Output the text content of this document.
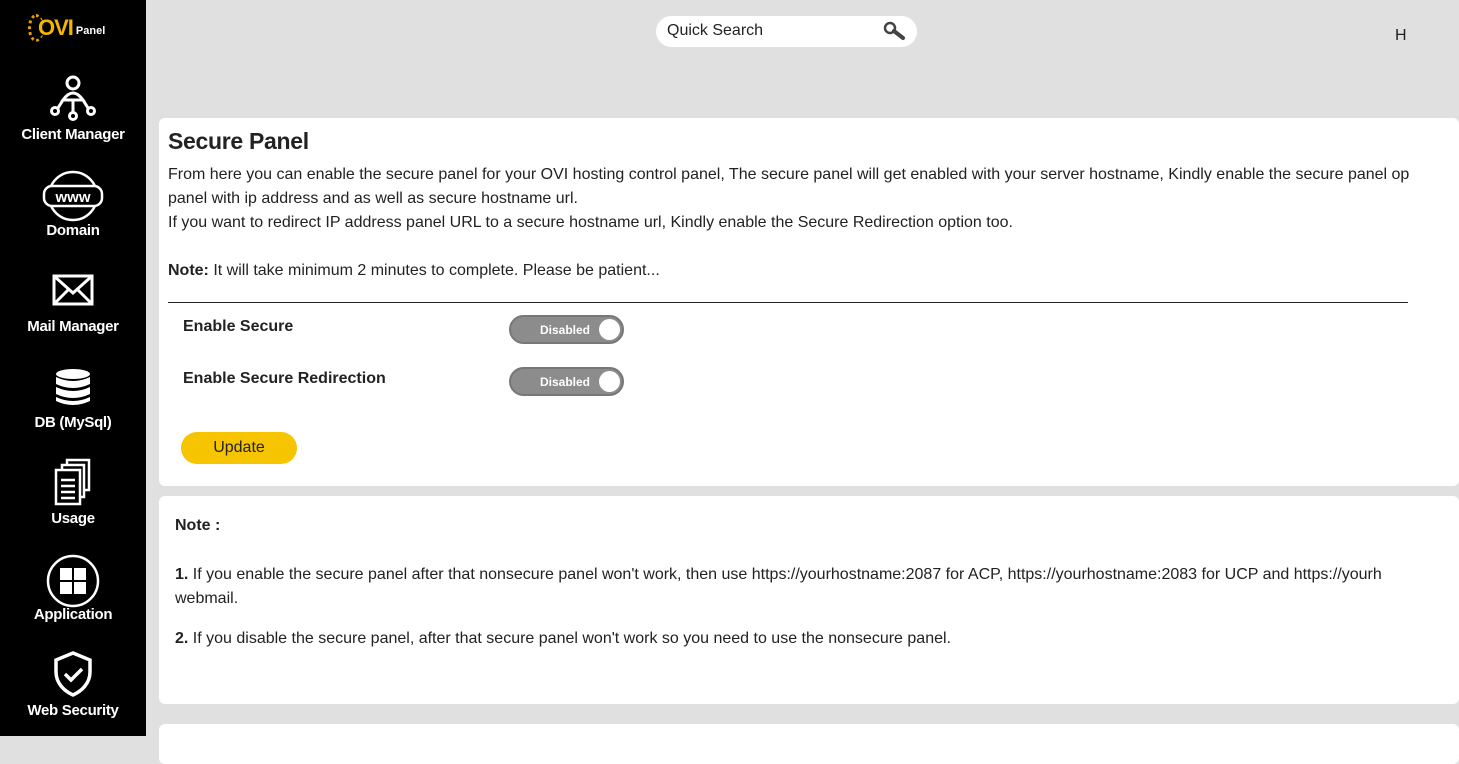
OVI Panel
Client Manager
www
Domain
Mail Manager
DB (MySql)
Usage
Application
Web Security
Quick Search	H
Secure Panel
From here you can enable the secure panel for your OVI hosting control panel, The secure panel will get enabled with your server hostname, Kindly enable the secure panel op
panel with ip address and as well as secure hostname url.
If you want to redirect IP address panel URL to a secure hostname url, Kindly enable the Secure Redirection option too.
Note: It will take minimum 2 minutes to complete. Please be patient...
Enable Secure	Disabled
Enable Secure Redirection	Disabled
Update
Note :
1. If you enable the secure panel after that nonsecure panel won't work, then use https://yourhostname:2087 for ACP, https://yourhostname:2083 for UCP and https://yourh
webmail.
2. If you disable the secure panel, after that secure panel won't work so you need to use the nonsecure panel.
